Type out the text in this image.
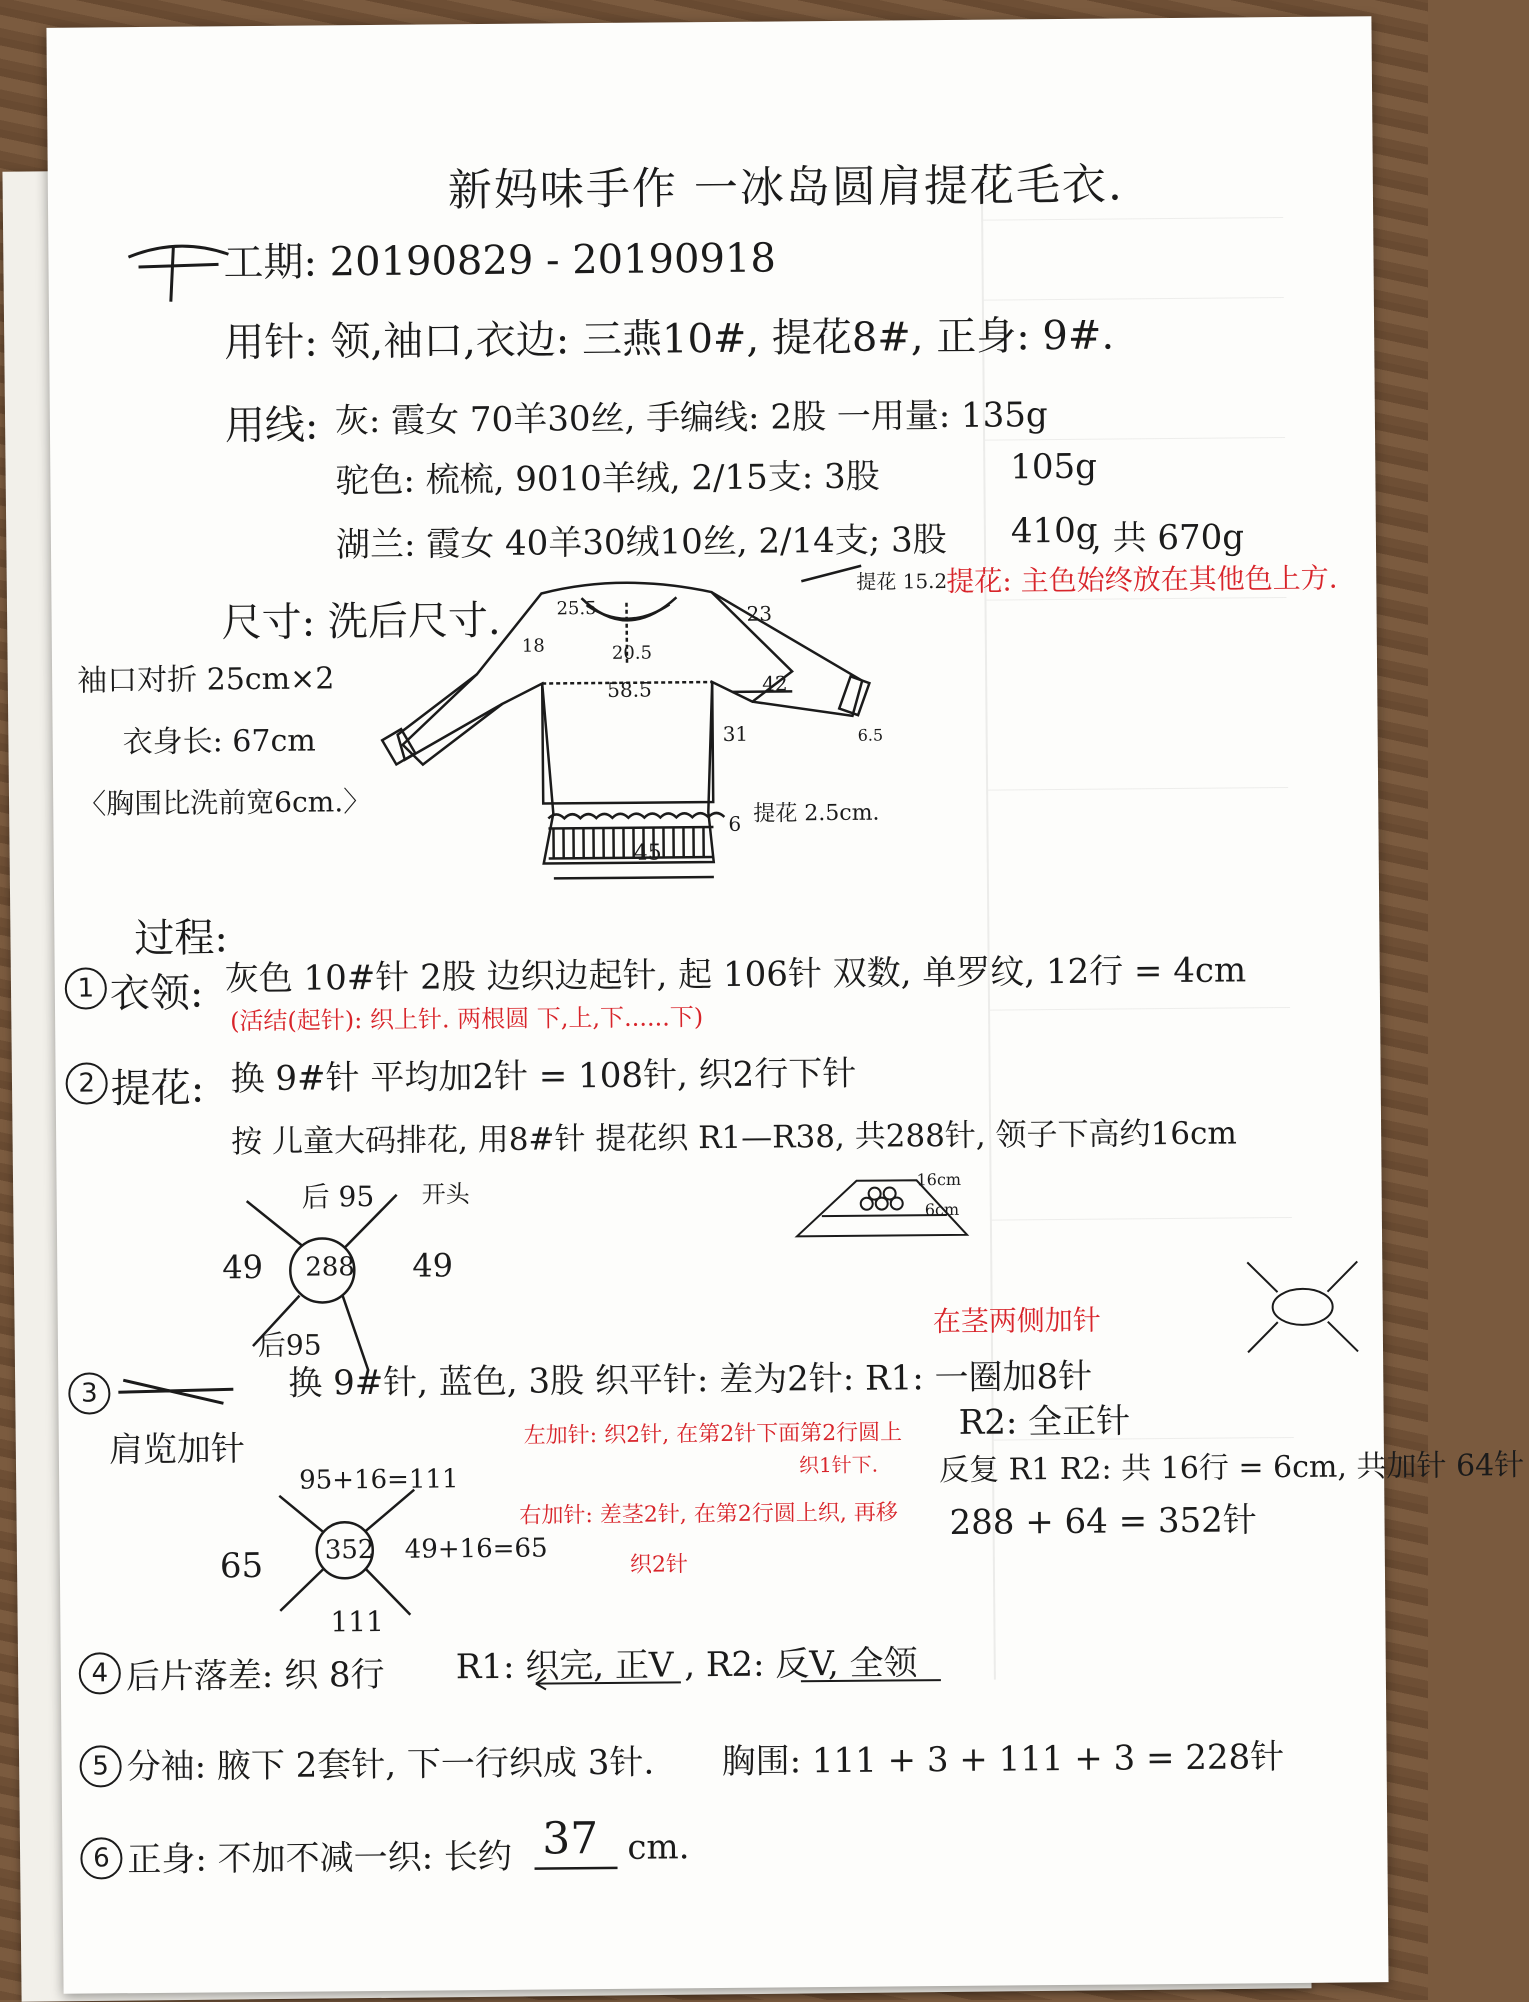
新妈味手作 一冰岛圆肩提花毛衣.
工期: 20190829 - 20190918
用针: 领,袖口,衣边: 三燕10#, 提花8#, 正身: 9#.
用线: 灰: 霞女 70羊30丝, 手编线: 2股 一用量: 135g
驼色: 梳梳, 9010羊绒, 2/15支: 3股	105g
湖兰: 霞女 40羊30绒10丝, 2/14支; 3股 410g
, 共 670g
尺寸: 洗后尺寸.
袖口对折 25cm×2
衣身长: 67cm
〈胸围比洗前宽6cm.〉
25.5
20.5
58.5	42
18
提花 15.2
23
31
提花 2.5cm.
6
45
6.5
提花: 主色始终放在其他色上方.
过程:
1 衣领: 灰色 10#针 2股 边织边起针, 起 106针 双数, 单罗纹, 12行 = 4cm
(活结(起针): 织上针. 两根圆 下,上,下......下)
2 提花: 换 9#针 平均加2针 = 108针, 织2行下针
按 儿童大码排花, 用8#针 提花织 R1—R38, 共288针, 领子下高约16cm
288
后 95
后95
49	49
开头
16cm
6cm
3
肩览加针
在茎两侧加针
换 9#针, 蓝色, 3股 织平针: 差为2针: R1: 一圈加8针
R2: 全正针
左加针: 织2针, 在第2针下面第2行圆上
织1针下. 反复 R1 R2: 共 16行 = 6cm, 共加针 64针
右加针: 差茎2针, 在第2行圆上织, 再移
织2针
288 + 64 = 352针
352
95+16=111
49+16=65
65
111
4 后片落差: 织 8行 R1: 织完, 正V , R2: 反V, 全领
5 分袖: 腋下 2套针, 下一行织成 3针. 胸围: 111 + 3 + 111 + 3 = 228针
6 正身: 不加不减一织: 长约 37 cm.
